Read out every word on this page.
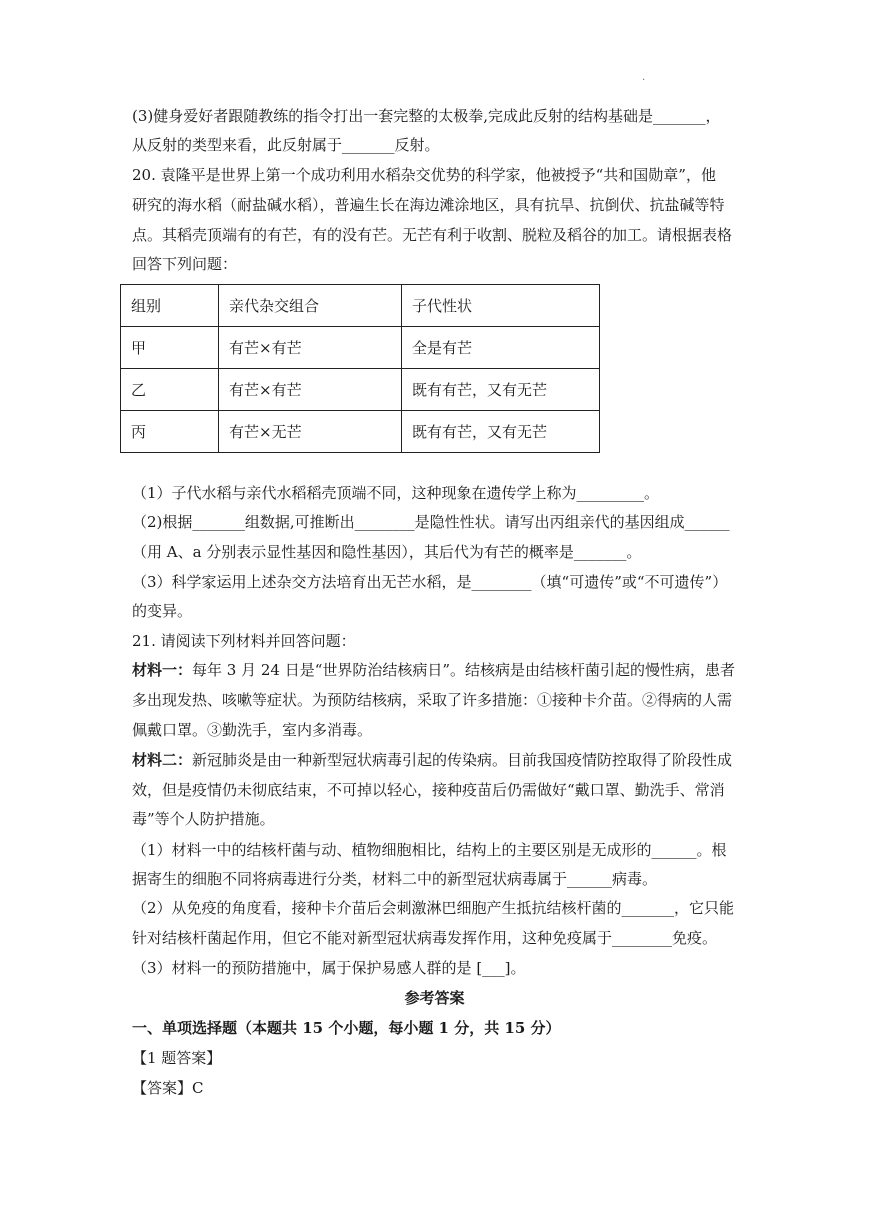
.
(3)健身爱好者跟随教练的指令打出一套完整的太极拳,完成此反射的结构基础是_______，
从反射的类型来看，此反射属于_______反射。
20. 袁隆平是世界上第一个成功利用水稻杂交优势的科学家，他被授予“共和国勋章”，他
研究的海水稻（耐盐碱水稻），普遍生长在海边滩涂地区，具有抗旱、抗倒伏、抗盐碱等特
点。其稻壳顶端有的有芒，有的没有芒。无芒有利于收割、脱粒及稻谷的加工。请根据表格
回答下列问题：
组别	亲代杂交组合	子代性状
甲	有芒×有芒	全是有芒
乙	有芒×有芒	既有有芒，又有无芒
丙	有芒×无芒	既有有芒，又有无芒
（1）子代水稻与亲代水稻稻壳顶端不同，这种现象在遗传学上称为_________。
（2)根据_______组数据,可推断出________是隐性性状。请写出丙组亲代的基因组成______
（用 A、a 分别表示显性基因和隐性基因），其后代为有芒的概率是_______。
（3）科学家运用上述杂交方法培育出无芒水稻，是________（填“可遗传”或“不可遗传”）
的变异。
21. 请阅读下列材料并回答问题：
材料一：每年 3 月 24 日是“世界防治结核病日”。结核病是由结核杆菌引起的慢性病，患者
多出现发热、咳嗽等症状。为预防结核病，采取了许多措施：①接种卡介苗。②得病的人需
佩戴口罩。③勤洗手，室内多消毒。
材料二：新冠肺炎是由一种新型冠状病毒引起的传染病。目前我国疫情防控取得了阶段性成
效，但是疫情仍未彻底结束，不可掉以轻心，接种疫苗后仍需做好“戴口罩、勤洗手、常消
毒”等个人防护措施。
（1）材料一中的结核杆菌与动、植物细胞相比，结构上的主要区别是无成形的______。根
据寄生的细胞不同将病毒进行分类，材料二中的新型冠状病毒属于______病毒。
（2）从免疫的角度看，接种卡介苗后会刺激淋巴细胞产生抵抗结核杆菌的_______，它只能
针对结核杆菌起作用，但它不能对新型冠状病毒发挥作用，这种免疫属于________免疫。
（3）材料一的预防措施中，属于保护易感人群的是 [___]。
参考答案
一、单项选择题（本题共 15 个小题，每小题 1 分，共 15 分）
【1 题答案】
【答案】C
